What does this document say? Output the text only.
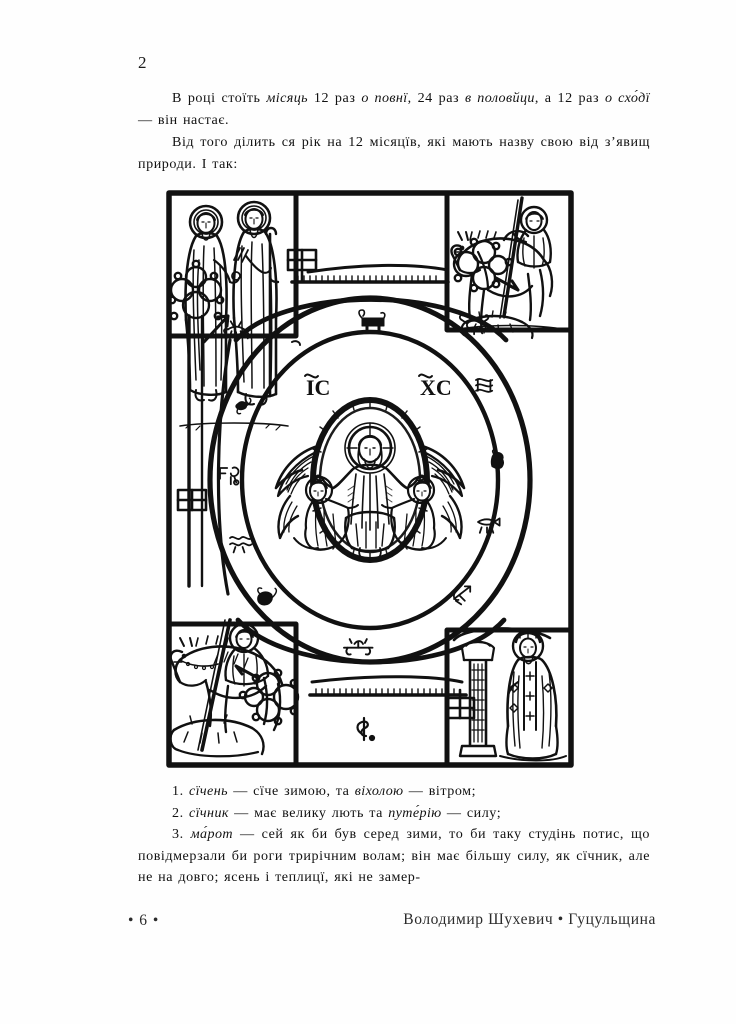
2

В році стоїть місяць 12 раз о повнї, 24 раз в половйци, а 12 раз о схо́дї — він настає.

Від того ділить ся рік на 12 місяцїв, які мають назву свою від з’явищ природи. І так:

IC	XC

1. сїчень — сїче зимою, та віхолою — вітром;

2. сїчник — має велику лють та путе́рію — силу;

3. ма́рот — сей як би був серед зими, то би таку студінь потис, що повідмерзали би роги трирічним волам; він має більшу силу, як сїчник, але не на довго; ясень і теплицї, які не замер-

• 6 •	Володимир Шухевич • Гуцульщина
